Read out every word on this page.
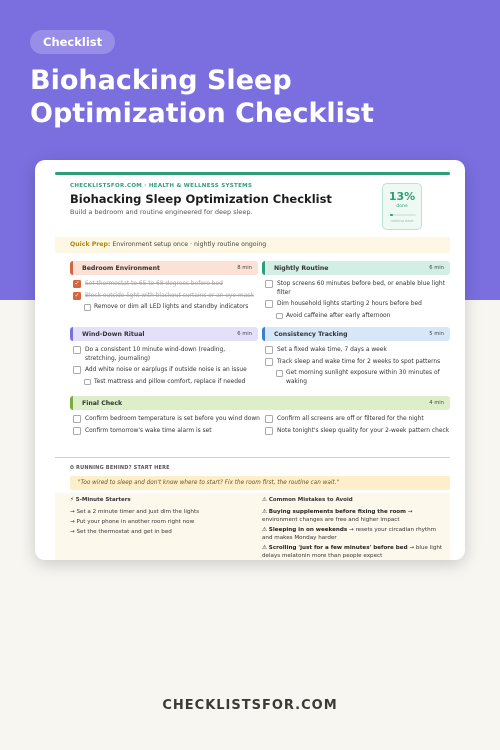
Checklist
Biohacking Sleep Optimization Checklist
CHECKLISTSFOR.COM · HEALTH & WELLNESS SYSTEMS
Biohacking Sleep Optimization Checklist
Build a bedroom and routine engineered for deep sleep.
13%
done
making ease
Quick Prep: Environment setup once · nightly routine ongoing
Bedroom Environment	8 min
✓ Set thermostat to 65 to 68 degrees before bed
✓ Block outside light with blackout curtains or an eye mask
Remove or dim all LED lights and standby indicators
Nightly Routine	6 min
Stop screens 60 minutes before bed, or enable blue light filter
Dim household lights starting 2 hours before bed
Avoid caffeine after early afternoon
Wind-Down Ritual	6 min
Do a consistent 10 minute wind-down (reading, stretching, journaling)
Add white noise or earplugs if outside noise is an issue
Test mattress and pillow comfort, replace if needed
Consistency Tracking	5 min
Set a fixed wake time, 7 days a week
Track sleep and wake time for 2 weeks to spot patterns
Get morning sunlight exposure within 30 minutes of waking
Final Check	4 min
Confirm bedroom temperature is set before you wind down	Confirm all screens are off or filtered for the night
Confirm tomorrow's wake time alarm is set	Note tonight's sleep quality for your 2-week pattern check
⏱ RUNNING BEHIND? START HERE
"Too wired to sleep and don't know where to start? Fix the room first, the routine can wait."
⚡ 5-Minute Starters
→ Set a 2 minute timer and just dim the lights
→ Put your phone in another room right now
→ Set the thermostat and get in bed
⚠ Common Mistakes to Avoid
⚠ Buying supplements before fixing the room → environment changes are free and higher impact
⚠ Sleeping in on weekends → resets your circadian rhythm and makes Monday harder
⚠ Scrolling 'just for a few minutes' before bed → blue light delays melatonin more than people expect
CHECKLISTSFOR.COM
